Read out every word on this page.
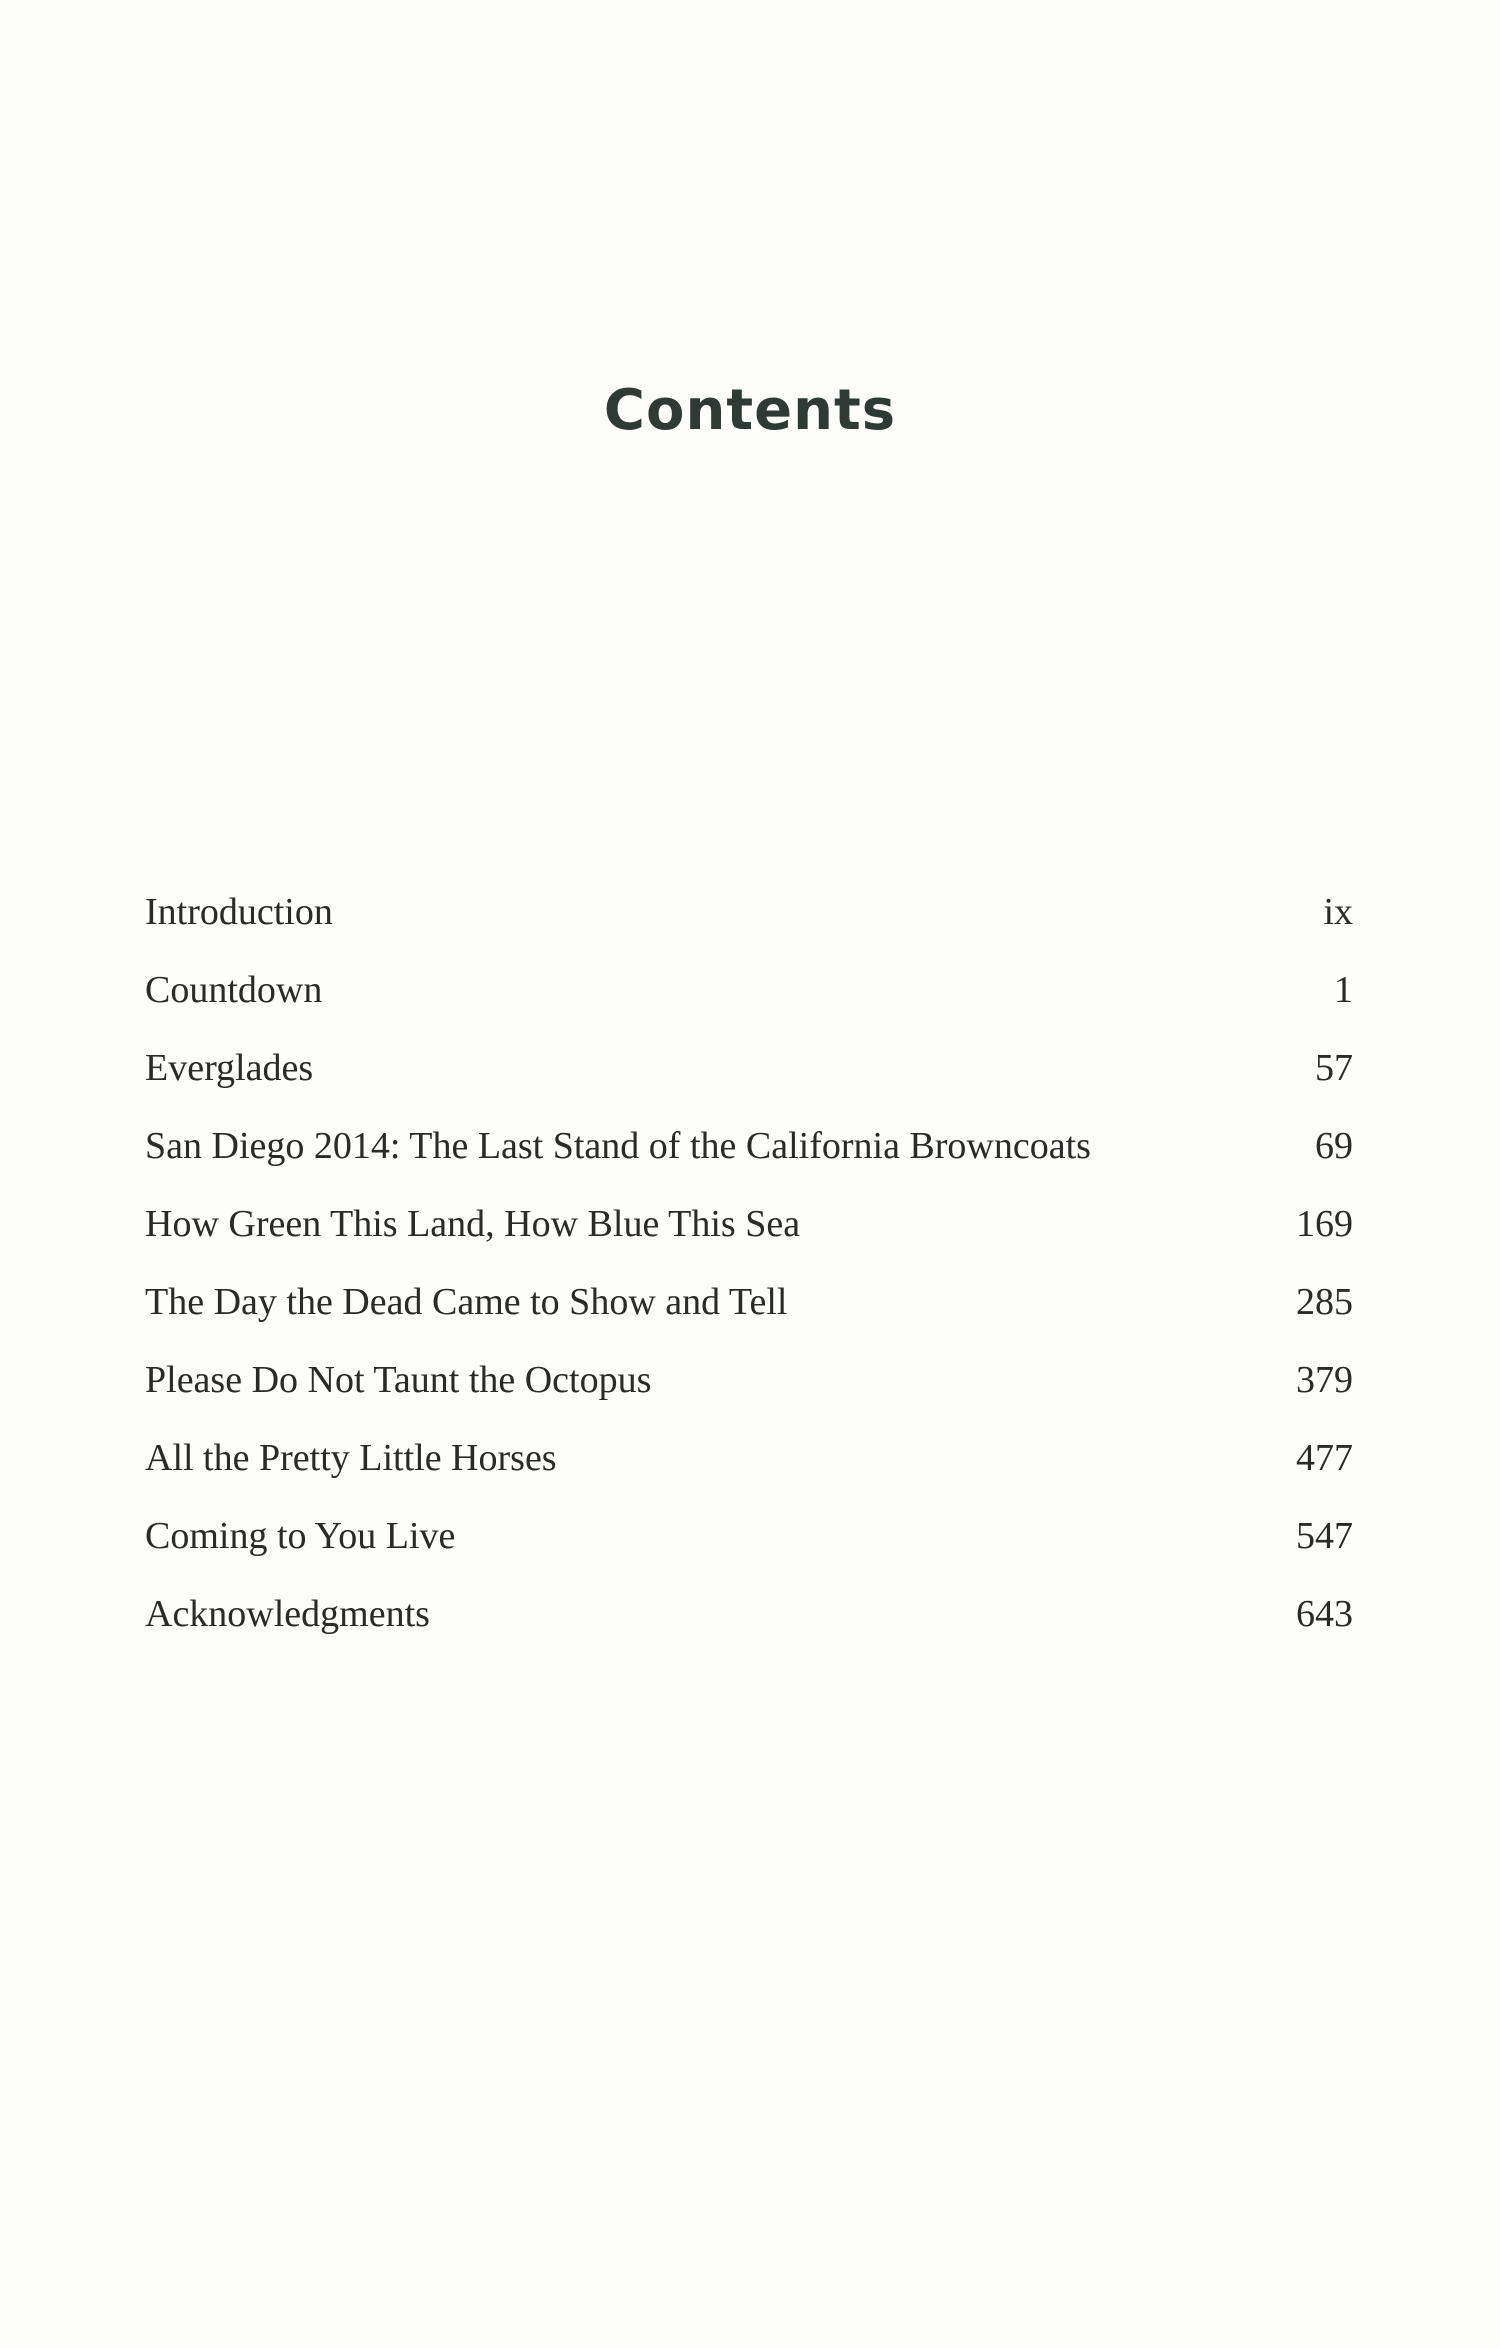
Contents
Introduction	ix
Countdown	1
Everglades	57
San Diego 2014: The Last Stand of the California Browncoats	69
How Green This Land, How Blue This Sea	169
The Day the Dead Came to Show and Tell	285
Please Do Not Taunt the Octopus	379
All the Pretty Little Horses	477
Coming to You Live	547
Acknowledgments	643
